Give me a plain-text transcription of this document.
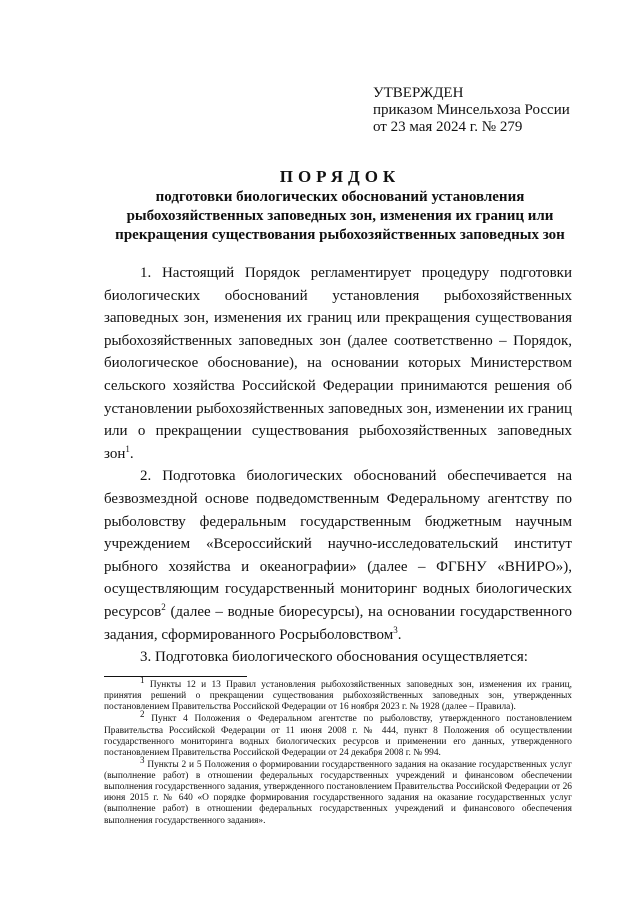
УТВЕРЖДЕН
приказом Минсельхоза России
от 23 мая 2024 г. № 279
ПОРЯДОК
подготовки биологических обоснований установления
рыбохозяйственных заповедных зон, изменения их границ или
прекращения существования рыбохозяйственных заповедных зон

1. Настоящий Порядок регламентирует процедуру подготовки биологических обоснований установления рыбохозяйственных заповедных зон, изменения их границ или прекращения существования рыбохозяйственных заповедных зон (далее соответственно – Порядок, биологическое обоснование), на основании которых Министерством сельского хозяйства Российской Федерации принимаются решения об установлении рыбохозяйственных заповедных зон, изменении их границ или о прекращении существования рыбохозяйственных заповедных зон$^1$.

2. Подготовка биологических обоснований обеспечивается на безвозмездной основе подведомственным Федеральному агентству по рыболовству федеральным государственным бюджетным научным учреждением «Всероссийский научно-исследовательский институт рыбного хозяйства и океанографии» (далее – ФГБНУ «ВНИРО»), осуществляющим государственный мониторинг водных биологических ресурсов$^2$ (далее – водные биоресурсы), на основании государственного задания, сформированного Росрыболовством$^3$.

3. Подготовка биологического обоснования осуществляется:

$^1$ Пункты 12 и 13 Правил установления рыбохозяйственных заповедных зон, изменения их границ, принятия решений о прекращении существования рыбохозяйственных заповедных зон, утвержденных постановлением Правительства Российской Федерации от 16 ноября 2023 г. № 1928 (далее – Правила).

$^2$ Пункт 4 Положения о Федеральном агентстве по рыболовству, утвержденного постановлением Правительства Российской Федерации от 11 июня 2008 г. № 444, пункт 8 Положения об осуществлении государственного мониторинга водных биологических ресурсов и применении его данных, утвержденного постановлением Правительства Российской Федерации от 24 декабря 2008 г. № 994.

$^3$ Пункты 2 и 5 Положения о формировании государственного задания на оказание государственных услуг (выполнение работ) в отношении федеральных государственных учреждений и финансовом обеспечении выполнения государственного задания, утвержденного постановлением Правительства Российской Федерации от 26 июня 2015 г. № 640 «О порядке формирования государственного задания на оказание государственных услуг (выполнение работ) в отношении федеральных государственных учреждений и финансового обеспечения выполнения государственного задания».
